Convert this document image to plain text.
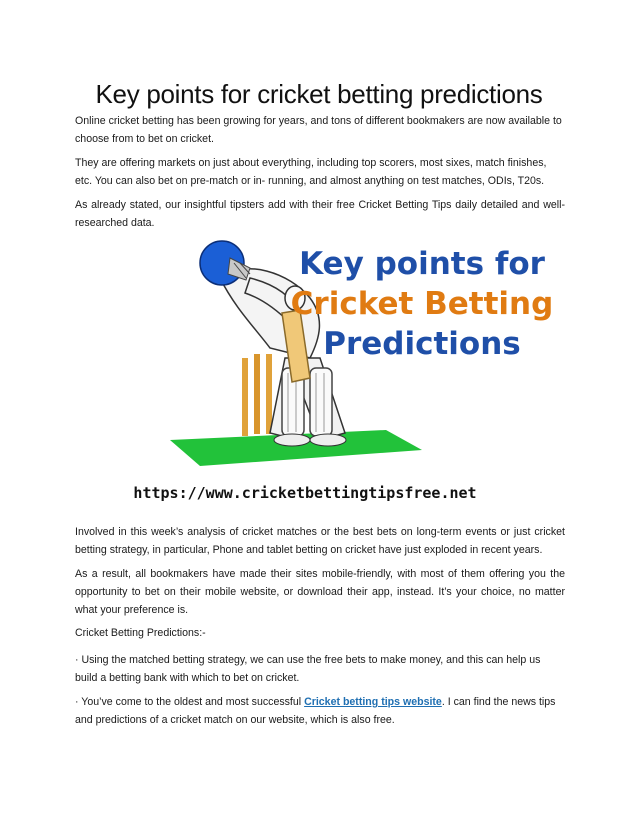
Key points for cricket betting predictions

Online cricket betting has been growing for years, and tons of different bookmakers are now available to choose from to bet on cricket.

They are offering markets on just about everything, including top scorers, most sixes, match finishes, etc. You can also bet on pre-match or in- running, and almost anything on test matches, ODIs, T20s.

As already stated, our insightful tipsters add with their free Cricket Betting Tips daily detailed and well-researched data.

Key points for
Cricket Betting
Predictions
https://www.cricketbettingtipsfree.net

Involved in this week’s analysis of cricket matches or the best bets on long-term events or just cricket betting strategy, in particular, Phone and tablet betting on cricket have just exploded in recent years.

As a result, all bookmakers have made their sites mobile-friendly, with most of them offering you the opportunity to bet on their mobile website, or download their app, instead. It’s your choice, no matter what your preference is.

Cricket Betting Predictions:-

· Using the matched betting strategy, we can use the free bets to make money, and this can help us build a betting bank with which to bet on cricket.

· You’ve come to the oldest and most successful Cricket betting tips website. I can find the news tips and predictions of a cricket match on our website, which is also free.
